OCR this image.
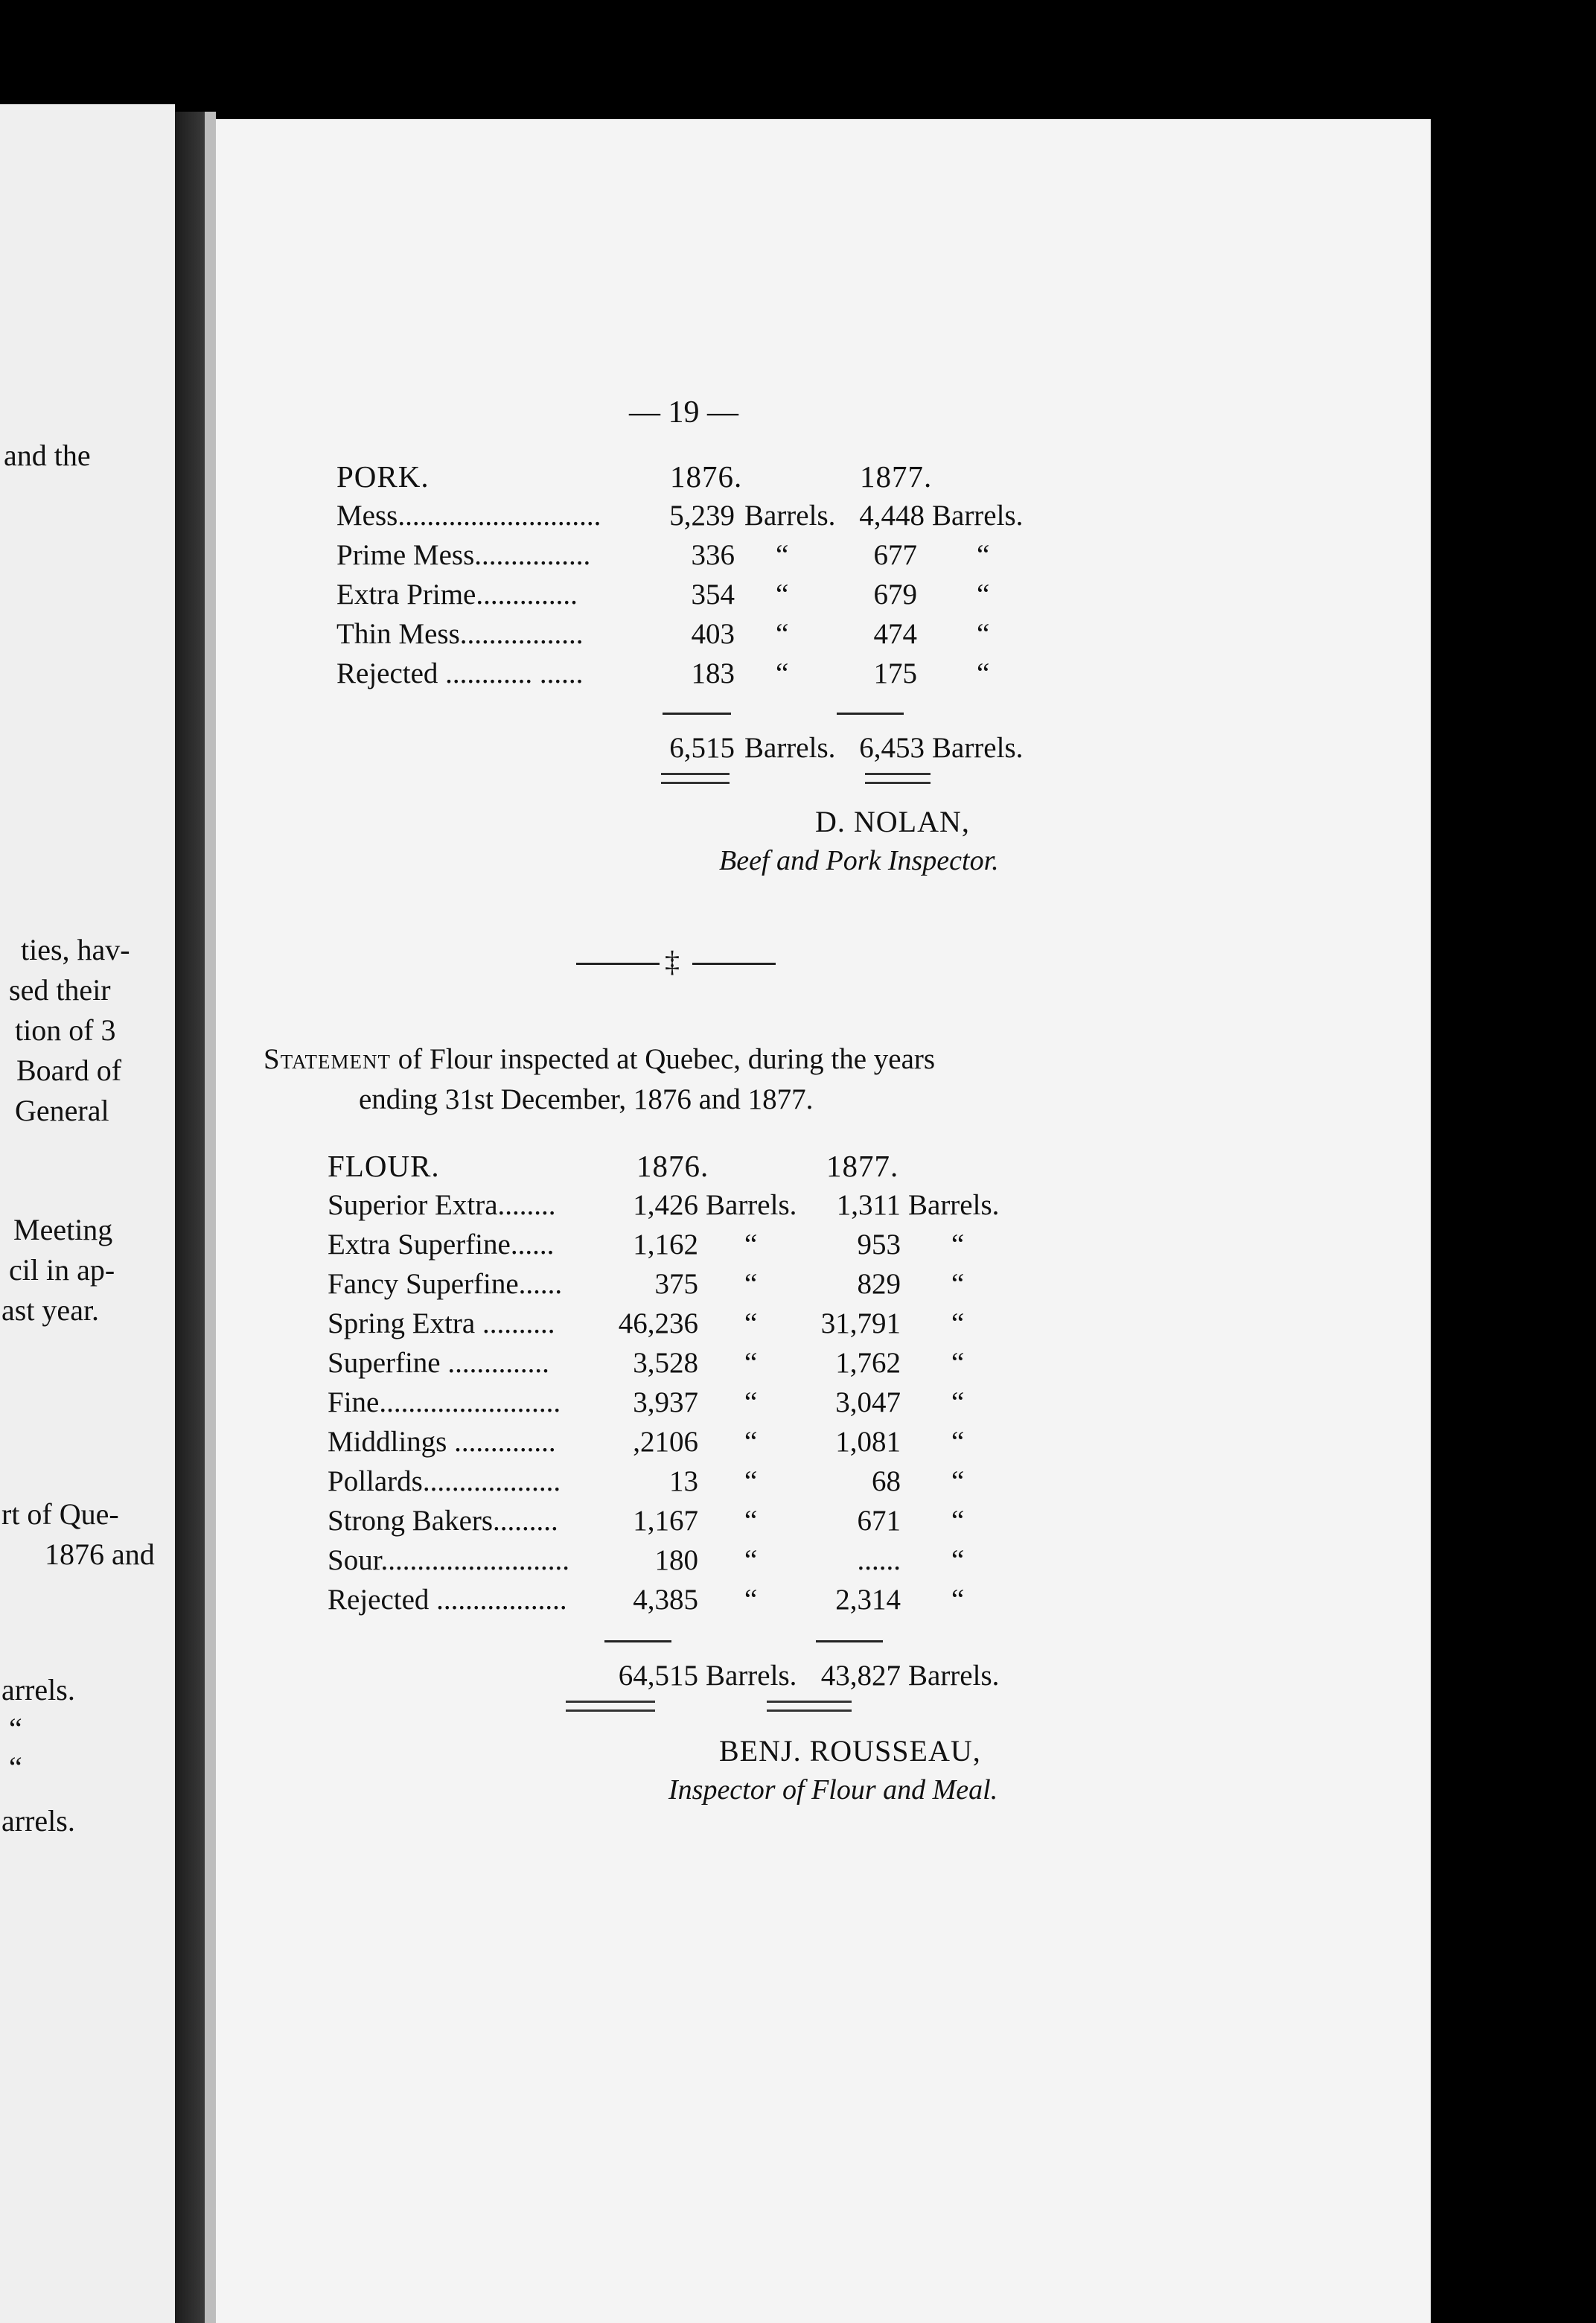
and the
ties, hav-
sed their
tion of 3
Board of
General
Meeting
cil in ap-
ast year.
rt of Que-
1876 and
arrels.
“
“
arrels.
— 19 —
PORK.	1876.	1877.
Mess............................	5,239 Barrels. 4,448 Barrels.
Prime Mess................	336 “	677 “
Extra Prime..............	354 “	679 “
Thin Mess.................	403 “	474 “
Rejected ............ ......	183 “	175 “
6,515 Barrels. 6,453 Barrels.
D. NOLAN,
Beef and Pork Inspector.
‡
Statement of Flour inspected at Quebec, during the years
ending 31st December, 1876 and 1877.
FLOUR.	1876.	1877.
Superior Extra........	1,426 Barrels.	1,311 Barrels.
Extra Superfine......	1,162 “	953 “
Fancy Superfine......	375 “	829 “
Spring Extra ..........	46,236 “	31,791 “
Superfine ..............	3,528 “	1,762 “
Fine.........................	3,937 “	3,047 “
Middlings ..............	,2106 “	1,081 “
Pollards...................	13 “	68 “
Strong Bakers.........	1,167 “	671 “
Sour..........................	180 “	...... “
Rejected ..................	4,385 “	2,314 “
64,515 Barrels. 43,827 Barrels.
BENJ. ROUSSEAU,
Inspector of Flour and Meal.
